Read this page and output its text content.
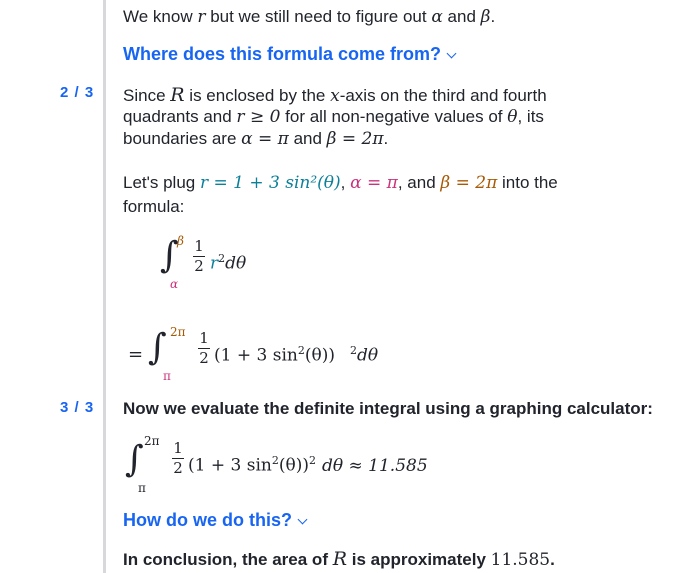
We know r but we still need to figure out α and β.
Where does this formula come from?
2 / 3 Since R is enclosed by the x-axis on the third and fourth
quadrants and r ≥ 0 for all non-negative values of θ, its
boundaries are α = π and β = 2π.
Let's plug r = 1 + 3 sin²(θ), α = π, and β = 2π into the
formula:
∫
β
α
1
2 $r^2d\theta$
= ∫ 2π
π
1
2 (1 + 3 $\sin^2(\theta)$) $^2$dθ
3 / 3 Now we evaluate the definite integral using a graphing calculator:
∫ 2π
π
1
2 (1 + 3 $\sin^2(\theta))^2$ dθ ≈ 11.585
How do we do this?
In conclusion, the area of R is approximately 11.585.
